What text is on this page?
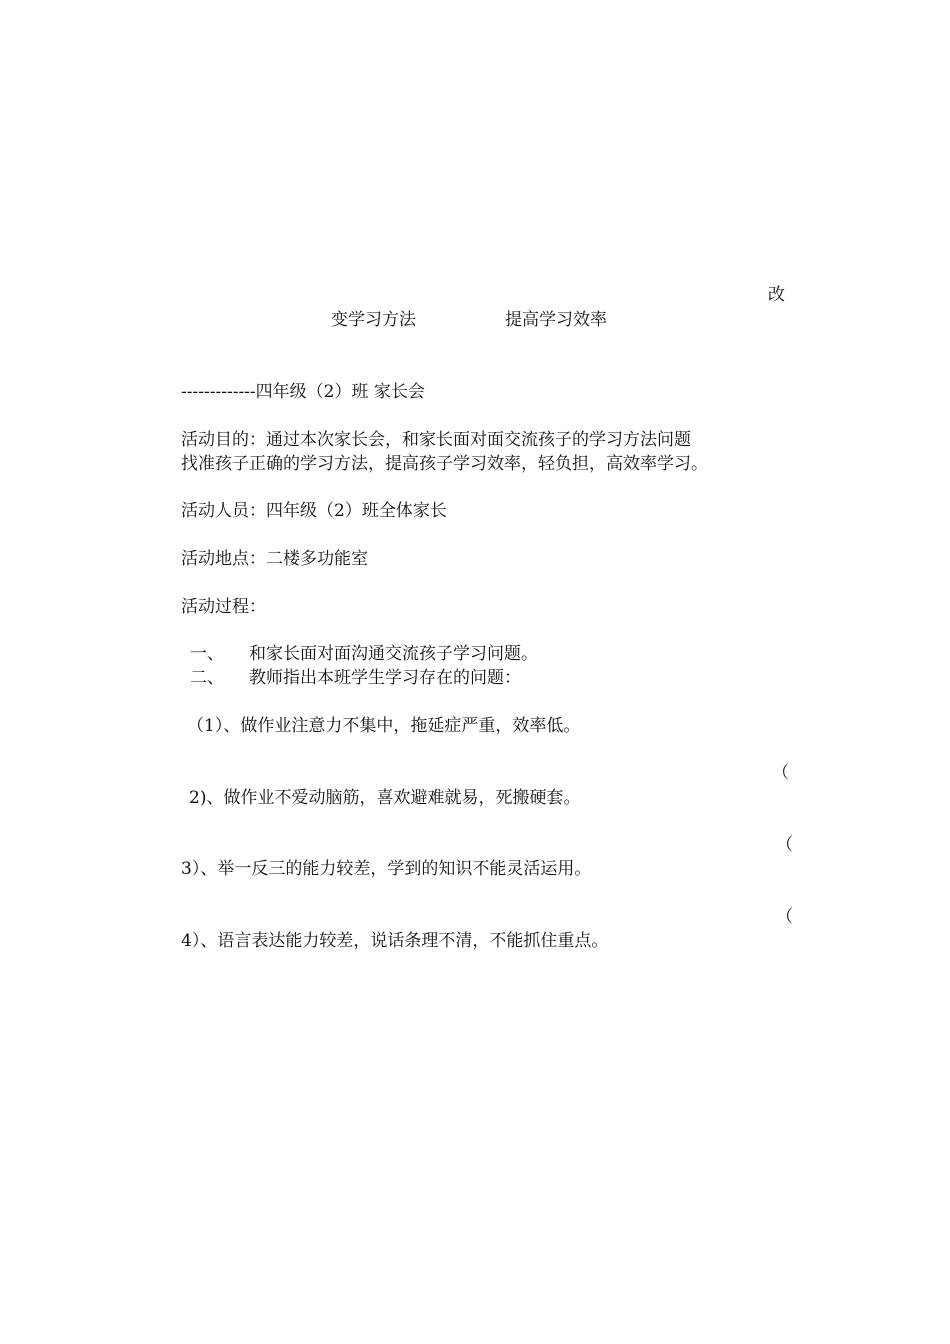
改
变学习方法	提高学习效率
-------------四年级（2）班 家长会
活动目的：通过本次家长会，和家长面对面交流孩子的学习方法问题
找准孩子正确的学习方法，提高孩子学习效率，轻负担，高效率学习。
活动人员：四年级（2）班全体家长
活动地点：二楼多功能室
活动过程：
一、 和家长面对面沟通交流孩子学习问题。
二、 教师指出本班学生学习存在的问题：
（1）、做作业注意力不集中，拖延症严重，效率低。
（
2)、做作业不爱动脑筋，喜欢避难就易，死搬硬套。
（
3）、举一反三的能力较差，学到的知识不能灵活运用。
（
4）、语言表达能力较差，说话条理不清，不能抓住重点。
